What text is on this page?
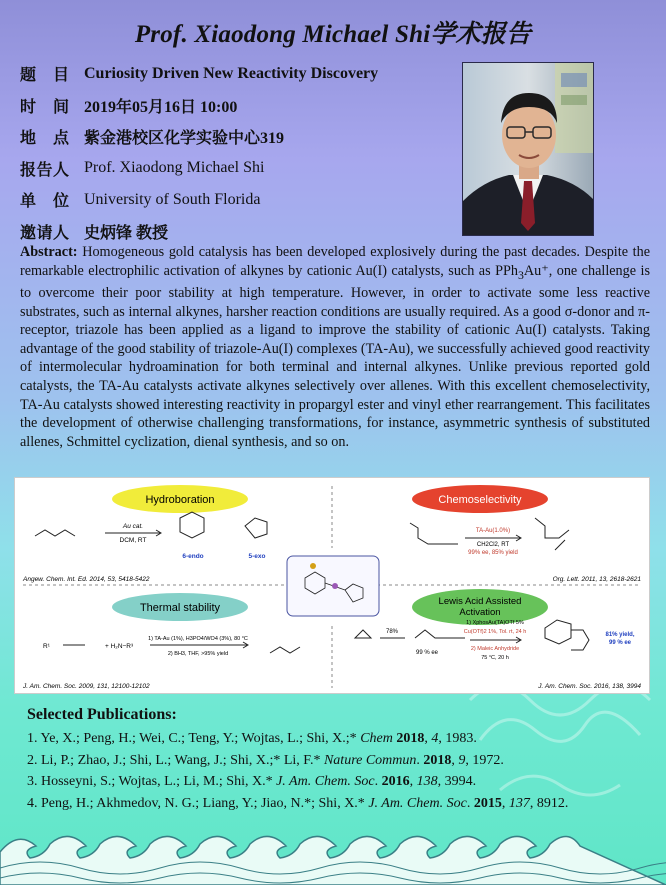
Prof. Xiaodong Michael Shi学术报告
题　目 Curiosity Driven New Reactivity Discovery
时　间 2019年05月16日 10:00
地　点 紫金港校区化学实验中心319
报告人 Prof. Xiaodong Michael Shi
单　位 University of South Florida
邀请人 史炳锋 教授
Abstract: Homogeneous gold catalysis has been developed explosively during the past decades. Despite the remarkable electrophilic activation of alkynes by cationic Au(I) catalysts, such as PPh$_3$Au⁺, one challenge is to overcome their poor stability at high temperature. However, in order to activate some less reactive substrates, such as internal alkynes, harsher reaction conditions are usually required. As a good σ-donor and π-receptor, triazole has been applied as a ligand to improve the stability of cationic Au(I) catalysts. Taking advantage of the good stability of triazole-Au(I) complexes (TA-Au), we successfully achieved good reactivity of intermolecular hydroamination for both terminal and internal alkynes. Unlike previous reported gold catalysts, the TA-Au catalysts activate alkynes selectively over allenes. With this excellent chemoselectivity, TA-Au catalysts showed interesting reactivity in propargyl ester and vinyl ether rearrangement. This facilitates the development of otherwise challenging transformations, for instance, asymmetric synthesis of substituted allenes, Schmittel cyclization, dienal synthesis, and so on.
Hydroboration	Chemoselectivity
Thermal stability
Lewis Acid Assisted
Activation
Au cat.
DCM, RT
6-endo	5-exo
TA-Au(1.0%)
CH2Cl2, RT
99% ee, 85% yield
R¹	+ H₂N−R³
1) TA-Au (1%), H3PO4/WO4 (3%), 80 °C
2) BH3, THF, >95% yield
78%
99 % ee
1) XphosAu(TA)OTf 5%
Cu(OTf)2 1%, Tol. rt, 24 h
2) Maleic Anhydride
75 °C, 20 h
81% yield,
99 % ee
Angew. Chem. Int. Ed. 2014, 53, 5418-5422	Org. Lett. 2011, 13, 2618-2621
J. Am. Chem. Soc. 2009, 131, 12100-12102	J. Am. Chem. Soc. 2016, 138, 3994
Selected Publications:
1. Ye, X.; Peng, H.; Wei, C.; Teng, Y.; Wojtas, L.; Shi, X.;* Chem 2018, 4, 1983.
2. Li, P.; Zhao, J.; Shi, L.; Wang, J.; Shi, X.;* Li, F.* Nature Commun. 2018, 9, 1972.
3. Hosseyni, S.; Wojtas, L.; Li, M.; Shi, X.* J. Am. Chem. Soc. 2016, 138, 3994.
4. Peng, H.; Akhmedov, N. G.; Liang, Y.; Jiao, N.*; Shi, X.* J. Am. Chem. Soc. 2015, 137, 8912.
